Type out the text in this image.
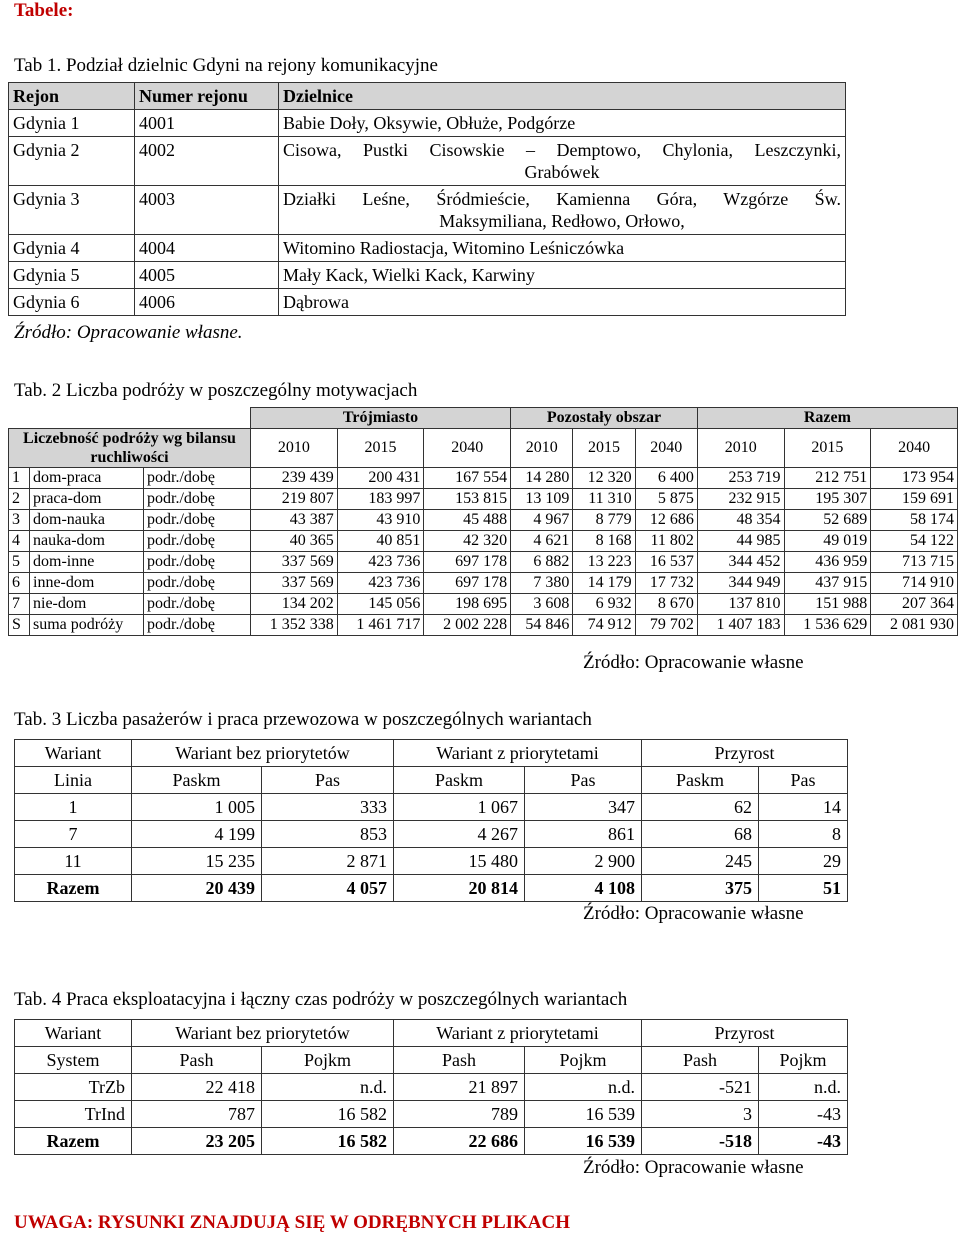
Tabele:
Tab 1. Podział dzielnic Gdyni na rejony komunikacyjne
Rejon	Numer rejonu	Dzielnice
Gdynia 1	4001	Babie Doły, Oksywie, Obłuże, Podgórze
Gdynia 2	4002	Cisowa, Pustki Cisowskie – Demptowo, Chylonia, Leszczynki,
Grabówek

Gdynia 3	4003	Działki Leśne, Śródmieście, Kamienna Góra, Wzgórze Św.
Maksymiliana, Redłowo, Orłowo,

Gdynia 4	4004	Witomino Radiostacja, Witomino Leśniczówka
Gdynia 5	4005	Mały Kack, Wielki Kack, Karwiny
Gdynia 6	4006	Dąbrowa
Źródło: Opracowanie własne.
Tab. 2 Liczba podróży w poszczególny motywacjach
			Trójmiasto			Pozostały obszar			Razem		
Liczebność podróży wg bilansu ruchliwości			2010	2015	2040	2010	2015	2040	2010	2015	2040
1	dom-praca	podr./dobę	239 439	200 431	167 554	14 280	12 320	6 400	253 719	212 751	173 954
2	praca-dom	podr./dobę	219 807	183 997	153 815	13 109	11 310	5 875	232 915	195 307	159 691
3	dom-nauka	podr./dobę	43 387	43 910	45 488	4 967	8 779	12 686	48 354	52 689	58 174
4	nauka-dom	podr./dobę	40 365	40 851	42 320	4 621	8 168	11 802	44 985	49 019	54 122
5	dom-inne	podr./dobę	337 569	423 736	697 178	6 882	13 223	16 537	344 452	436 959	713 715
6	inne-dom	podr./dobę	337 569	423 736	697 178	7 380	14 179	17 732	344 949	437 915	714 910
7	nie-dom	podr./dobę	134 202	145 056	198 695	3 608	6 932	8 670	137 810	151 988	207 364
S	suma podróży	podr./dobę	1 352 338	1 461 717	2 002 228	54 846	74 912	79 702	1 407 183	1 536 629	2 081 930
Źródło: Opracowanie własne
Tab. 3 Liczba pasażerów i praca przewozowa w poszczególnych wariantach
Wariant	Wariant bez priorytetów		Wariant z priorytetami		Przyrost	
Linia	Paskm	Pas	Paskm	Pas	Paskm	Pas
1	1 005	333	1 067	347	62	14
7	4 199	853	4 267	861	68	8
11	15 235	2 871	15 480	2 900	245	29
Razem	20 439	4 057	20 814	4 108	375	51
Źródło: Opracowanie własne
Tab. 4 Praca eksploatacyjna i łączny czas podróży w poszczególnych wariantach
Wariant	Wariant bez priorytetów		Wariant z priorytetami		Przyrost	
System	Pash	Pojkm	Pash	Pojkm	Pash	Pojkm
TrZb	22 418	n.d.	21 897	n.d.	-521	n.d.
TrInd	787	16 582	789	16 539	3	-43
Razem	23 205	16 582	22 686	16 539	-518	-43
Źródło: Opracowanie własne
UWAGA: RYSUNKI ZNAJDUJĄ SIĘ W ODRĘBNYCH PLIKACH
